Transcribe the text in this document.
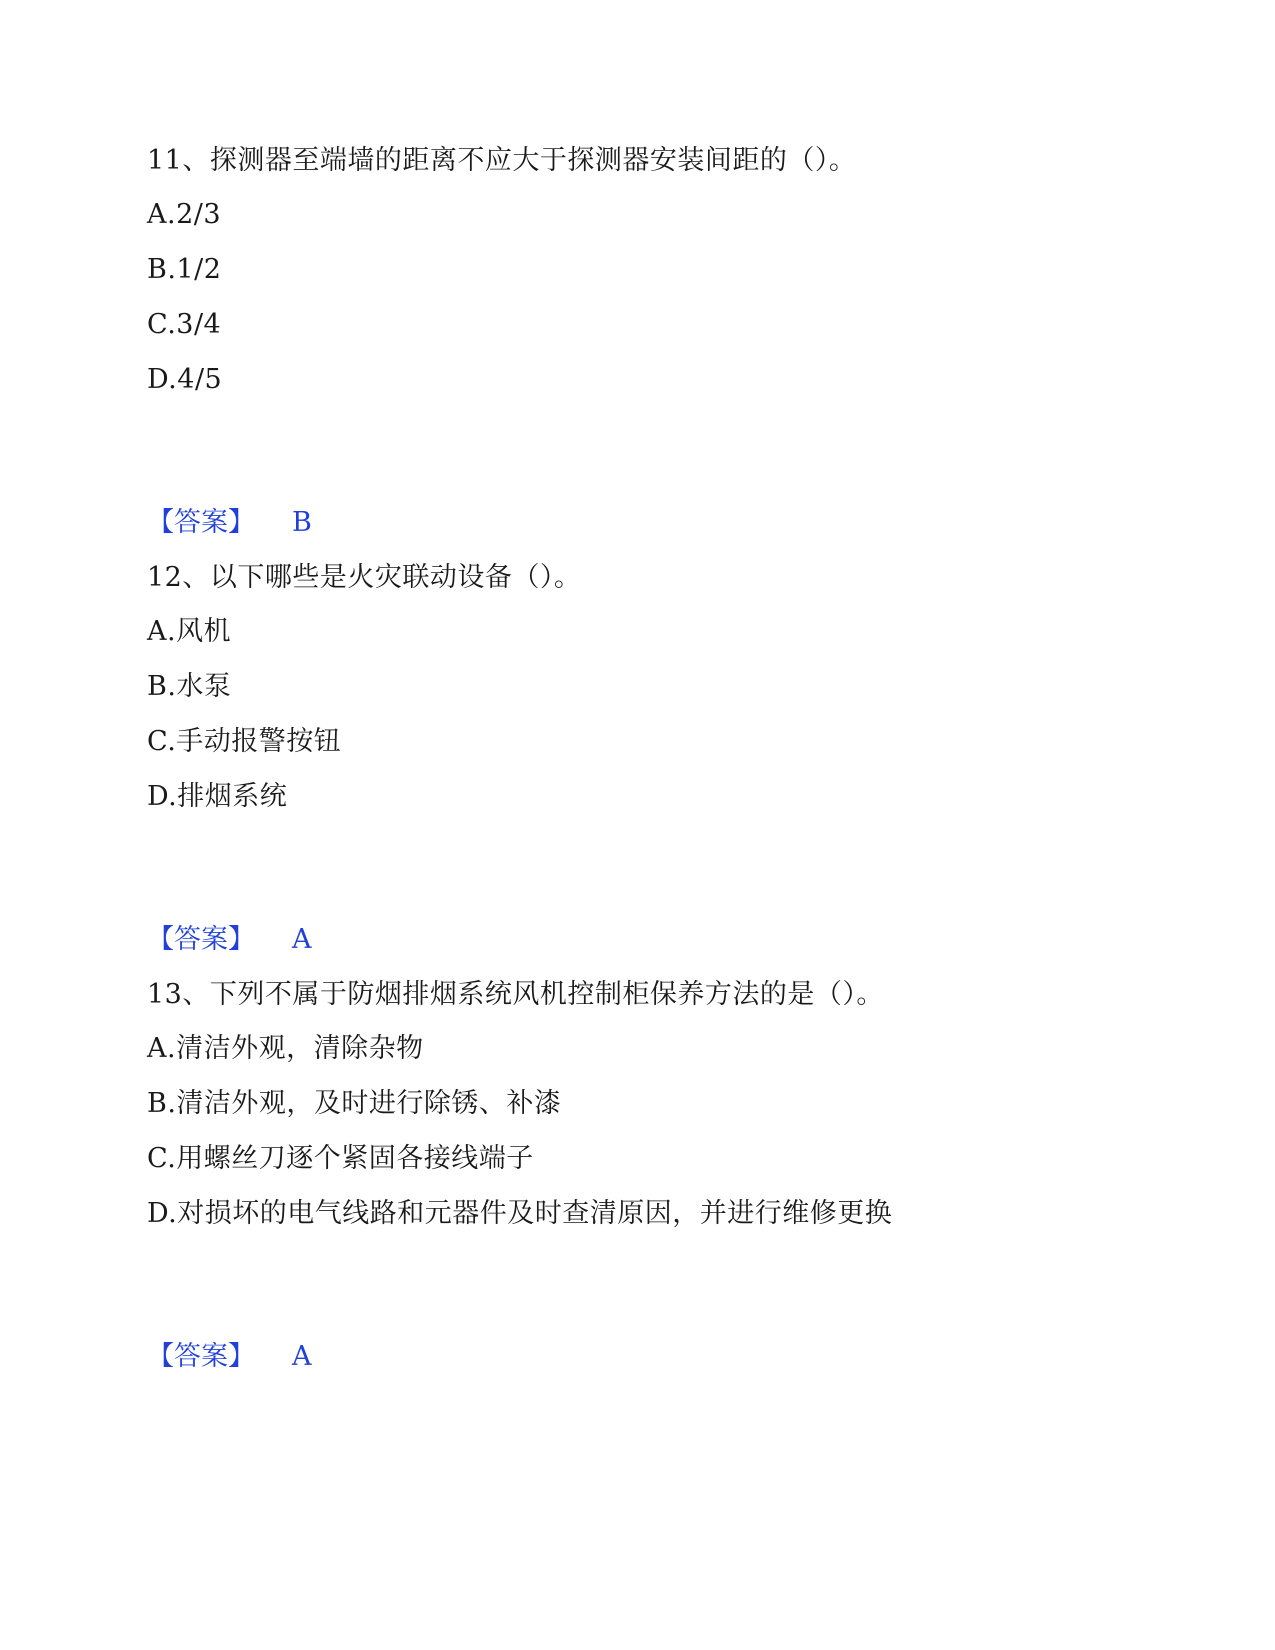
11、探测器至端墙的距离不应大于探测器安装间距的（）。
A.2/3
B.1/2
C.3/4
D.4/5
【答案】 B
12、以下哪些是火灾联动设备（）。
A.风机
B.水泵
C.手动报警按钮
D.排烟系统
【答案】 A
13、下列不属于防烟排烟系统风机控制柜保养方法的是（）。
A.清洁外观，清除杂物
B.清洁外观，及时进行除锈、补漆
C.用螺丝刀逐个紧固各接线端子
D.对损坏的电气线路和元器件及时查清原因，并进行维修更换
【答案】 A
